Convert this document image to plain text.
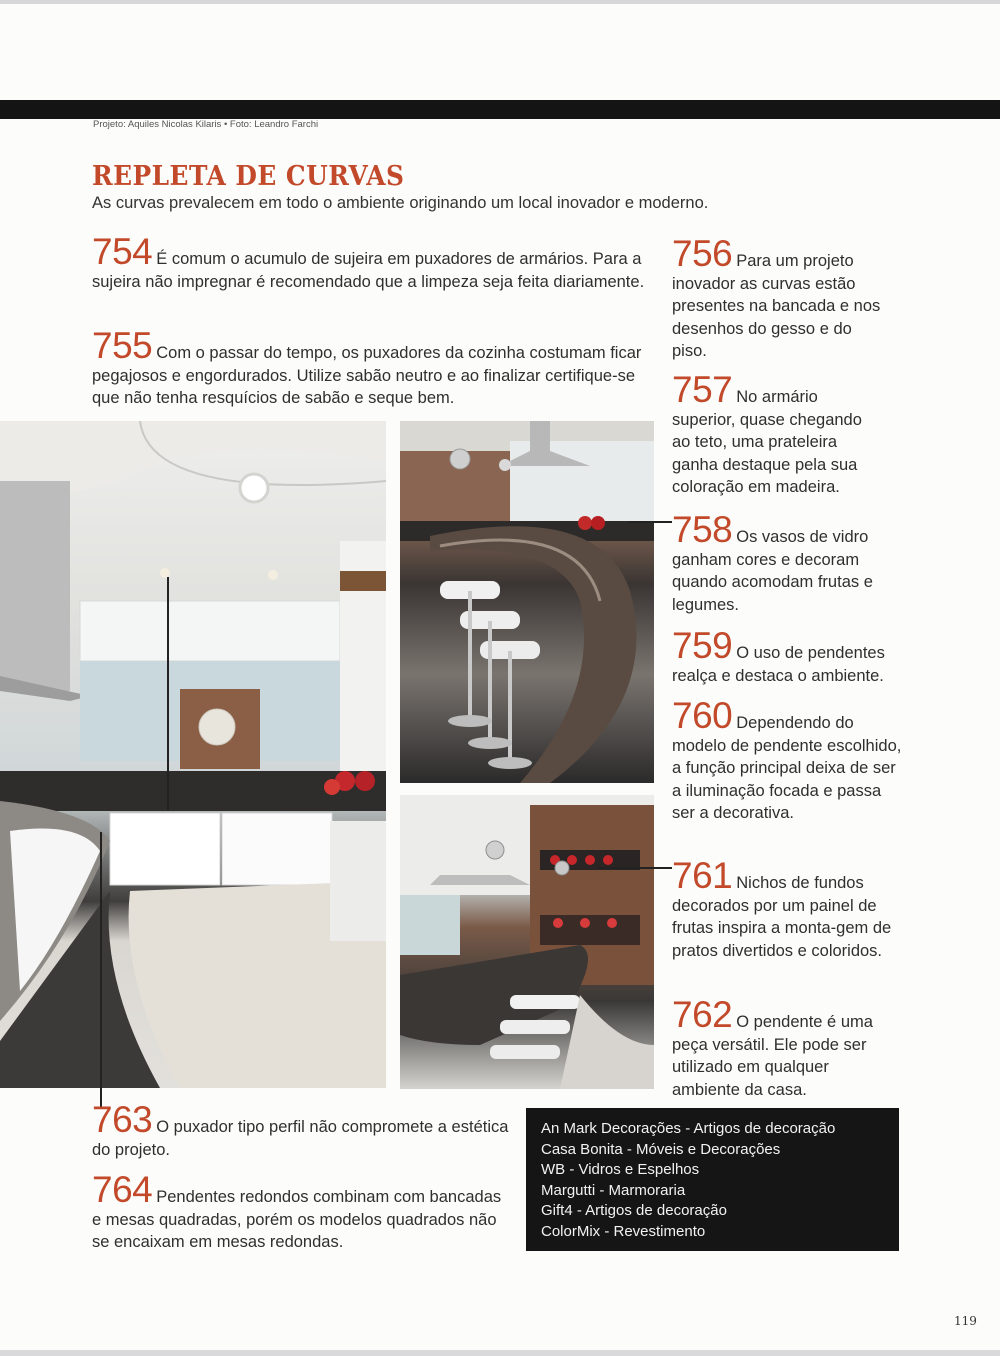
Projeto: Aquiles Nicolas Kilaris • Foto: Leandro Farchi
REPLETA DE CURVAS

As curvas prevalecem em todo o ambiente originando um local inovador e moderno.

754 É comum o acumulo de sujeira em puxadores de armários. Para a sujeira não impregnar é recomendado que a limpeza seja feita diariamente.
755 Com o passar do tempo, os puxadores da cozinha costumam ficar pegajosos e engordurados. Utilize sabão neutro e ao finalizar certifique-se que não tenha resquícios de sabão e seque bem.
756 Para um projeto inovador as curvas estão presentes na bancada e nos desenhos do gesso e do piso.
757 No armário superior, quase chegando ao teto, uma prateleira ganha destaque pela sua coloração em madeira.
758 Os vasos de vidro ganham cores e decoram quando acomodam frutas e legumes.
759 O uso de pendentes realça e destaca o ambiente.
760 Dependendo do modelo de pendente escolhido, a função principal deixa de ser a iluminação focada e passa ser a decorativa.
761 Nichos de fundos decorados por um painel de frutas inspira a monta-gem de pratos divertidos e coloridos.
762 O pendente é uma peça versátil. Ele pode ser utilizado em qualquer ambiente da casa.
763 O puxador tipo perfil não compromete a estética do projeto.
764 Pendentes redondos combinam com bancadas e mesas quadradas, porém os modelos quadrados não se encaixam em mesas redondas.
An Mark Decorações - Artigos de decoração
Casa Bonita - Móveis e Decorações
WB - Vidros e Espelhos
Margutti - Marmoraria
Gift4 - Artigos de decoração
ColorMix - Revestimento
119
